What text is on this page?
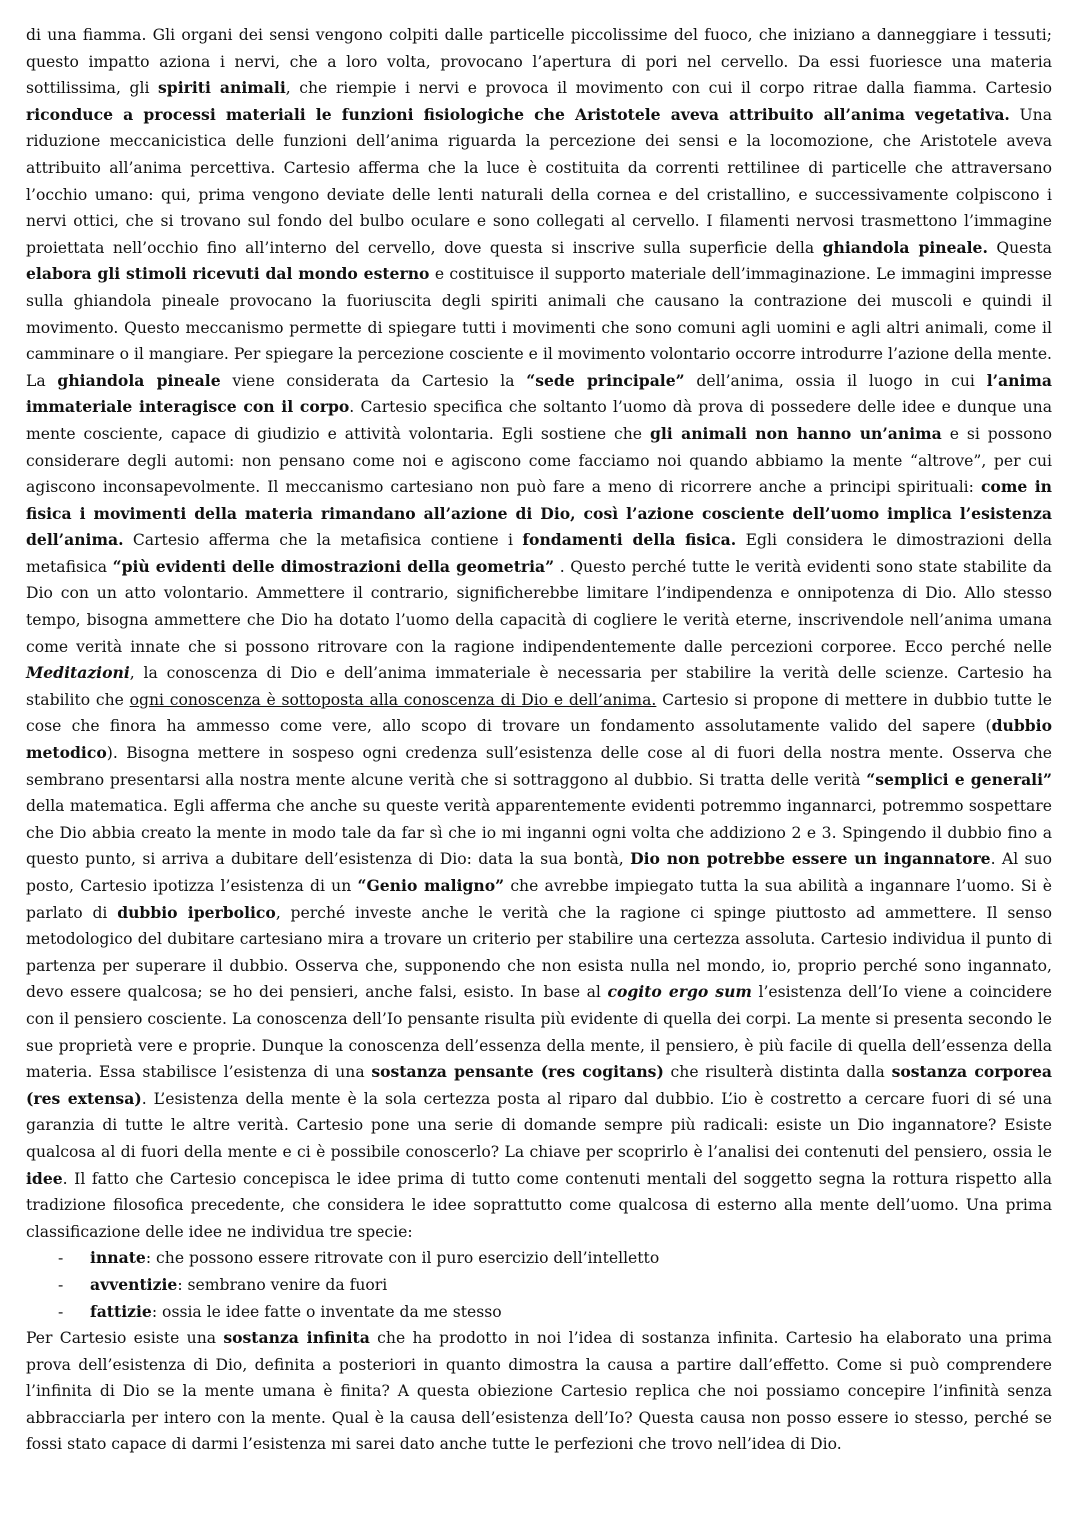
di una fiamma. Gli organi dei sensi vengono colpiti dalle particelle piccolissime del fuoco, che iniziano a danneggiare i tessuti; questo impatto aziona i nervi, che a loro volta, provocano l’apertura di pori nel cervello. Da essi fuoriesce una materia sottilissima, gli spiriti animali, che riempie i nervi e provoca il movimento con cui il corpo ritrae dalla fiamma. Cartesio riconduce a processi materiali le funzioni fisiologiche che Aristotele aveva attribuito all’anima vegetativa. Una riduzione meccanicistica delle funzioni dell’anima riguarda la percezione dei sensi e la locomozione, che Aristotele aveva attribuito all’anima percettiva. Cartesio afferma che la luce è costituita da correnti rettilinee di particelle che attraversano l’occhio umano: qui, prima vengono deviate delle lenti naturali della cornea e del cristallino, e successivamente colpiscono i nervi ottici, che si trovano sul fondo del bulbo oculare e sono collegati al cervello. I filamenti nervosi trasmettono l’immagine proiettata nell’occhio fino all’interno del cervello, dove questa si inscrive sulla superficie della ghiandola pineale. Questa elabora gli stimoli ricevuti dal mondo esterno e costituisce il supporto materiale dell’immaginazione. Le immagini impresse sulla ghiandola pineale provocano la fuoriuscita degli spiriti animali che causano la contrazione dei muscoli e quindi il movimento. Questo meccanismo permette di spiegare tutti i movimenti che sono comuni agli uomini e agli altri animali, come il camminare o il mangiare. Per spiegare la percezione cosciente e il movimento volontario occorre introdurre l’azione della mente. La ghiandola pineale viene considerata da Cartesio la “sede principale” dell’anima, ossia il luogo in cui l’anima immateriale interagisce con il corpo. Cartesio specifica che soltanto l’uomo dà prova di possedere delle idee e dunque una mente cosciente, capace di giudizio e attività volontaria. Egli sostiene che gli animali non hanno un’anima e si possono considerare degli automi: non pensano come noi e agiscono come facciamo noi quando abbiamo la mente “altrove”, per cui agiscono inconsapevolmente. Il meccanismo cartesiano non può fare a meno di ricorrere anche a principi spirituali: come in fisica i movimenti della materia rimandano all’azione di Dio, così l’azione cosciente dell’uomo implica l’esistenza dell’anima. Cartesio afferma che la metafisica contiene i fondamenti della fisica. Egli considera le dimostrazioni della metafisica “più evidenti delle dimostrazioni della geometria” . Questo perché tutte le verità evidenti sono state stabilite da Dio con un atto volontario. Ammettere il contrario, significherebbe limitare l’indipendenza e onnipotenza di Dio. Allo stesso tempo, bisogna ammettere che Dio ha dotato l’uomo della capacità di cogliere le verità eterne, inscrivendole nell’anima umana come verità innate che si possono ritrovare con la ragione indipendentemente dalle percezioni corporee. Ecco perché nelle Meditazioni, la conoscenza di Dio e dell’anima immateriale è necessaria per stabilire la verità delle scienze. Cartesio ha stabilito che ogni conoscenza è sottoposta alla conoscenza di Dio e dell’anima. Cartesio si propone di mettere in dubbio tutte le cose che finora ha ammesso come vere, allo scopo di trovare un fondamento assolutamente valido del sapere (dubbio metodico). Bisogna mettere in sospeso ogni credenza sull’esistenza delle cose al di fuori della nostra mente. Osserva che sembrano presentarsi alla nostra mente alcune verità che si sottraggono al dubbio. Si tratta delle verità “semplici e generali” della matematica. Egli afferma che anche su queste verità apparentemente evidenti potremmo ingannarci, potremmo sospettare che Dio abbia creato la mente in modo tale da far sì che io mi inganni ogni volta che addiziono 2 e 3. Spingendo il dubbio fino a questo punto, si arriva a dubitare dell’esistenza di Dio: data la sua bontà, Dio non potrebbe essere un ingannatore. Al suo posto, Cartesio ipotizza l’esistenza di un “Genio maligno” che avrebbe impiegato tutta la sua abilità a ingannare l’uomo. Si è parlato di dubbio iperbolico, perché investe anche le verità che la ragione ci spinge piuttosto ad ammettere. Il senso metodologico del dubitare cartesiano mira a trovare un criterio per stabilire una certezza assoluta. Cartesio individua il punto di partenza per superare il dubbio. Osserva che, supponendo che non esista nulla nel mondo, io, proprio perché sono ingannato, devo essere qualcosa; se ho dei pensieri, anche falsi, esisto. In base al cogito ergo sum l’esistenza dell’Io viene a coincidere con il pensiero cosciente. La conoscenza dell’Io pensante risulta più evidente di quella dei corpi. La mente si presenta secondo le sue proprietà vere e proprie. Dunque la conoscenza dell’essenza della mente, il pensiero, è più facile di quella dell’essenza della materia. Essa stabilisce l’esistenza di una sostanza pensante (res cogitans) che risulterà distinta dalla sostanza corporea (res extensa). L’esistenza della mente è la sola certezza posta al riparo dal dubbio. L’io è costretto a cercare fuori di sé una garanzia di tutte le altre verità. Cartesio pone una serie di domande sempre più radicali: esiste un Dio ingannatore? Esiste qualcosa al di fuori della mente e ci è possibile conoscerlo? La chiave per scoprirlo è l’analisi dei contenuti del pensiero, ossia le idee. Il fatto che Cartesio concepisca le idee prima di tutto come contenuti mentali del soggetto segna la rottura rispetto alla tradizione filosofica precedente, che considera le idee soprattutto come qualcosa di esterno alla mente dell’uomo. Una prima classificazione delle idee ne individua tre specie:

- innate: che possono essere ritrovate con il puro esercizio dell’intelletto
- avventizie: sembrano venire da fuori
- fattizie: ossia le idee fatte o inventate da me stesso

Per Cartesio esiste una sostanza infinita che ha prodotto in noi l’idea di sostanza infinita. Cartesio ha elaborato una prima prova dell’esistenza di Dio, definita a posteriori in quanto dimostra la causa a partire dall’effetto. Come si può comprendere l’infinita di Dio se la mente umana è finita? A questa obiezione Cartesio replica che noi possiamo concepire l’infinità senza abbracciarla per intero con la mente. Qual è la causa dell’esistenza dell’Io? Questa causa non posso essere io stesso, perché se fossi stato capace di darmi l’esistenza mi sarei dato anche tutte le perfezioni che trovo nell’idea di Dio.
